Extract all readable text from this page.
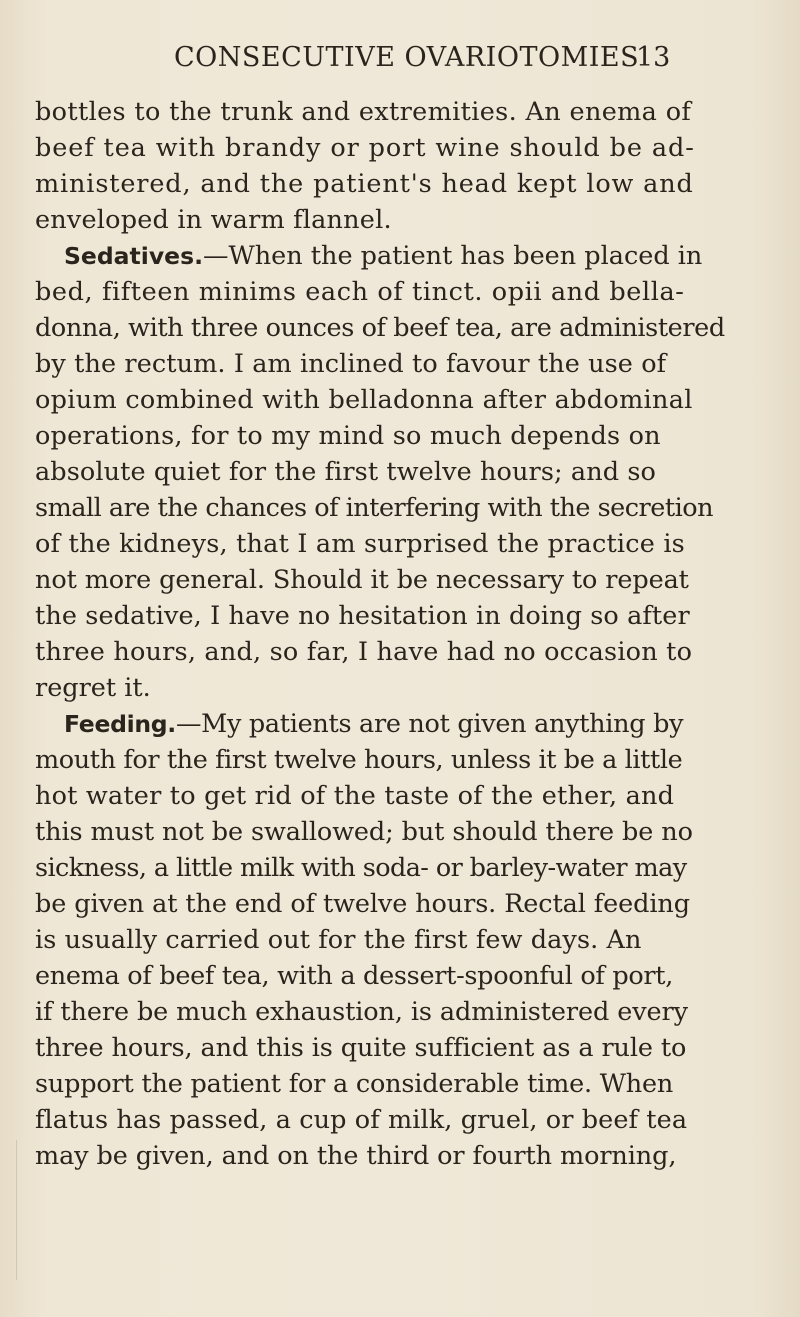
CONSECUTIVE OVARIOTOMIES
13
bottles to the trunk and extremities. An enema of
beef tea with brandy or port wine should be ad-
ministered, and the patient's head kept low and
enveloped in warm flannel.
Sedatives.—When the patient has been placed in
bed, fifteen minims each of tinct. opii and bella-
donna, with three ounces of beef tea, are administered
by the rectum. I am inclined to favour the use of
opium combined with belladonna after abdominal
operations, for to my mind so much depends on
absolute quiet for the first twelve hours; and so
small are the chances of interfering with the secretion
of the kidneys, that I am surprised the practice is
not more general. Should it be necessary to repeat
the sedative, I have no hesitation in doing so after
three hours, and, so far, I have had no occasion to
regret it.
Feeding.—My patients are not given anything by
mouth for the first twelve hours, unless it be a little
hot water to get rid of the taste of the ether, and
this must not be swallowed; but should there be no
sickness, a little milk with soda- or barley-water may
be given at the end of twelve hours. Rectal feeding
is usually carried out for the first few days. An
enema of beef tea, with a dessert-spoonful of port,
if there be much exhaustion, is administered every
three hours, and this is quite sufficient as a rule to
support the patient for a considerable time. When
flatus has passed, a cup of milk, gruel, or beef tea
may be given, and on the third or fourth morning,
